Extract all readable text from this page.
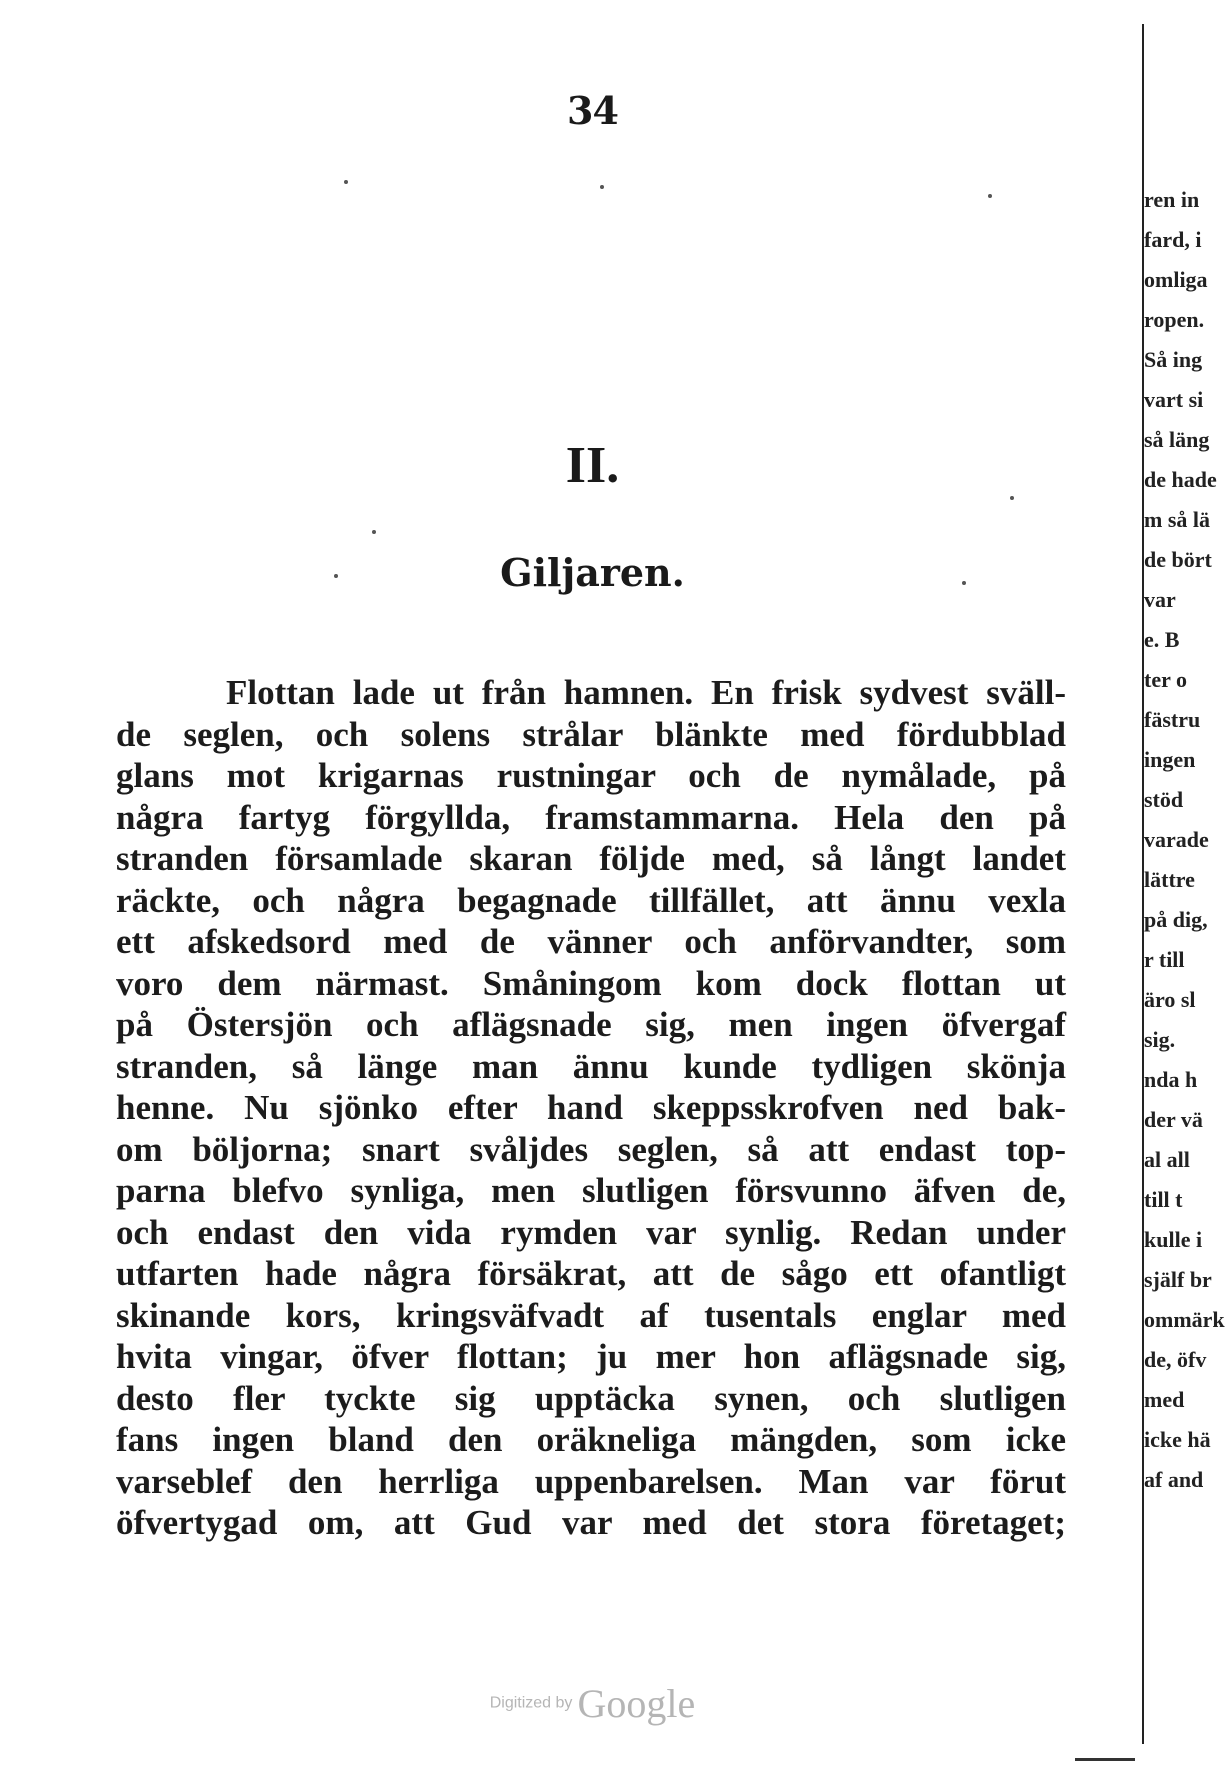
34
II.
Giljaren.
Flottan lade ut från hamnen. En frisk sydvest sväll-
de seglen, och solens strålar blänkte med fördubblad
glans mot krigarnas rustningar och de nymålade, på
några fartyg förgyllda, framstammarna. Hela den på
stranden församlade skaran följde med, så långt landet
räckte, och några begagnade tillfället, att ännu vexla
ett afskedsord med de vänner och anförvandter, som
voro dem närmast. Småningom kom dock flottan ut
på Östersjön och aflägsnade sig, men ingen öfvergaf
stranden, så länge man ännu kunde tydligen skönja
henne. Nu sjönko efter hand skeppsskrofven ned bak-
om böljorna; snart svåljdes seglen, så att endast top-
parna blefvo synliga, men slutligen försvunno äfven de,
och endast den vida rymden var synlig. Redan under
utfarten hade några försäkrat, att de sågo ett ofantligt
skinande kors, kringsväfvadt af tusentals englar med
hvita vingar, öfver flottan; ju mer hon aflägsnade sig,
desto fler tyckte sig upptäcka synen, och slutligen
fans ingen bland den oräkneliga mängden, som icke
varseblef den herrliga uppenbarelsen. Man var förut
öfvertygad om, att Gud var med det stora företaget;
ren in
fard, i
omliga
ropen.
Så ing
vart si
så läng
de hade
m så lä
de bört
var
e. B
ter o
fästru
ingen
stöd
varade
lättre
på dig,
r till
äro sl
sig.
nda h
der vä
al all
till t
kulle i
själf br
ommärk
de, öfv
med
icke hä
af and
Digitized by Google
